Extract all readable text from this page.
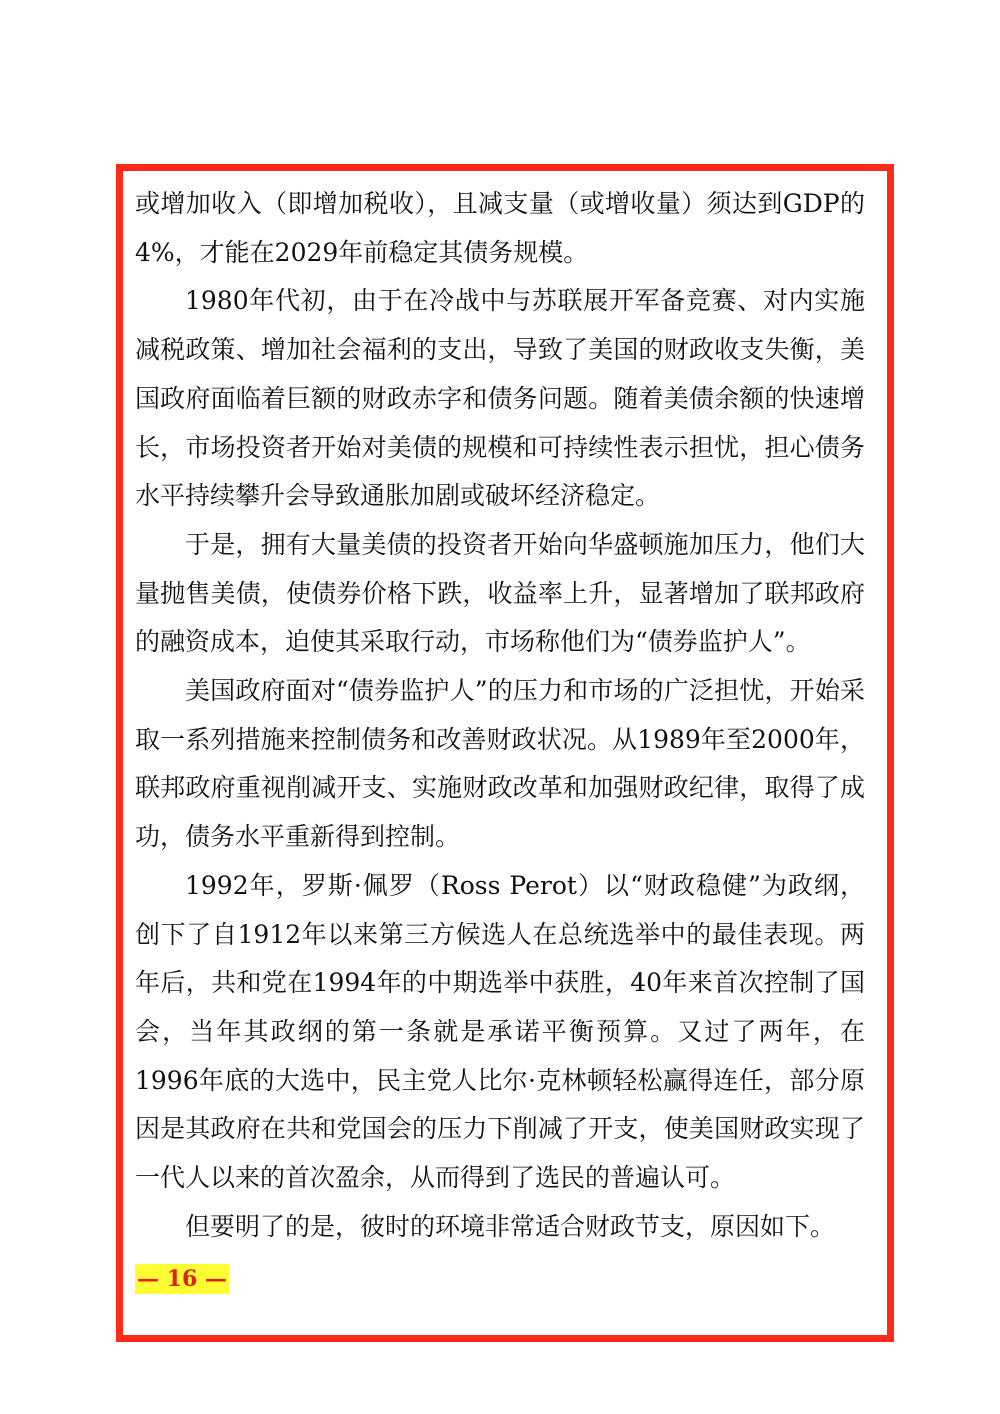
或增加收入（即增加税收），且减支量（或增收量）须达到GDP的4%，才能在2029年前稳定其债务规模。

1980年代初，由于在冷战中与苏联展开军备竞赛、对内实施减税政策、增加社会福利的支出，导致了美国的财政收支失衡，美国政府面临着巨额的财政赤字和债务问题。随着美债余额的快速增长，市场投资者开始对美债的规模和可持续性表示担忧，担心债务水平持续攀升会导致通胀加剧或破坏经济稳定。

于是，拥有大量美债的投资者开始向华盛顿施加压力，他们大量抛售美债，使债券价格下跌，收益率上升，显著增加了联邦政府的融资成本，迫使其采取行动，市场称他们为“债券监护人”。

美国政府面对“债券监护人”的压力和市场的广泛担忧，开始采取一系列措施来控制债务和改善财政状况。从1989年至2000年，联邦政府重视削减开支、实施财政改革和加强财政纪律，取得了成功，债务水平重新得到控制。

1992年，罗斯·佩罗（Ross Perot）以“财政稳健”为政纲，创下了自1912年以来第三方候选人在总统选举中的最佳表现。两年后，共和党在1994年的中期选举中获胜，40年来首次控制了国会，当年其政纲的第一条就是承诺平衡预算。又过了两年，在1996年底的大选中，民主党人比尔·克林顿轻松赢得连任，部分原因是其政府在共和党国会的压力下削减了开支，使美国财政实现了一代人以来的首次盈余，从而得到了选民的普遍认可。

但要明了的是，彼时的环境非常适合财政节支，原因如下。

— 16 —
